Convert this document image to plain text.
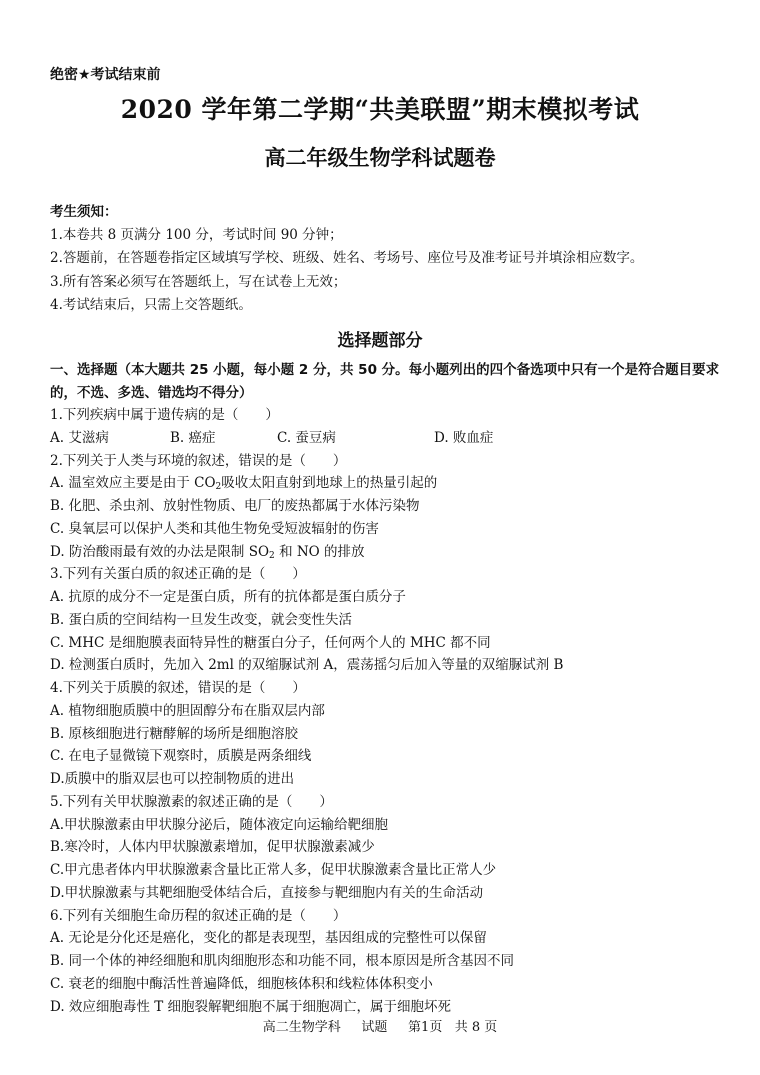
绝密★考试结束前
2020 学年第二学期“共美联盟”期末模拟考试
高二年级生物学科试题卷
考生须知：
1.本卷共 8 页满分 100 分，考试时间 90 分钟；
2.答题前，在答题卷指定区域填写学校、班级、姓名、考场号、座位号及准考证号并填涂相应数字。
3.所有答案必须写在答题纸上，写在试卷上无效；
4.考试结束后，只需上交答题纸。
选择题部分
一、选择题（本大题共 25 小题，每小题 2 分，共 50 分。每小题列出的四个备选项中只有一个是符合题目要求的，不选、多选、错选均不得分）
1.下列疾病中属于遗传病的是（　　）
A. 艾滋病	B. 癌症	C. 蚕豆病	D. 败血症
2.下列关于人类与环境的叙述，错误的是（　　）
A. 温室效应主要是由于 $CO_2$吸收太阳直射到地球上的热量引起的
B. 化肥、杀虫剂、放射性物质、电厂的废热都属于水体污染物
C. 臭氧层可以保护人类和其他生物免受短波辐射的伤害
D. 防治酸雨最有效的办法是限制 $SO_2$ 和 NO 的排放
3.下列有关蛋白质的叙述正确的是（　　）
A. 抗原的成分不一定是蛋白质，所有的抗体都是蛋白质分子
B. 蛋白质的空间结构一旦发生改变，就会变性失活
C. MHC 是细胞膜表面特异性的糖蛋白分子，任何两个人的 MHC 都不同
D. 检测蛋白质时，先加入 2ml 的双缩脲试剂 A，震荡摇匀后加入等量的双缩脲试剂 B
4.下列关于质膜的叙述，错误的是（　　）
A. 植物细胞质膜中的胆固醇分布在脂双层内部
B. 原核细胞进行糖酵解的场所是细胞溶胶
C. 在电子显微镜下观察时，质膜是两条细线
D.质膜中的脂双层也可以控制物质的进出
5.下列有关甲状腺激素的叙述正确的是（　　）
A.甲状腺激素由甲状腺分泌后，随体液定向运输给靶细胞
B.寒冷时，人体内甲状腺激素增加，促甲状腺激素减少
C.甲亢患者体内甲状腺激素含量比正常人多，促甲状腺激素含量比正常人少
D.甲状腺激素与其靶细胞受体结合后，直接参与靶细胞内有关的生命活动
6.下列有关细胞生命历程的叙述正确的是（　　）
A. 无论是分化还是癌化，变化的都是表现型，基因组成的完整性可以保留
B. 同一个体的神经细胞和肌肉细胞形态和功能不同，根本原因是所含基因不同
C. 衰老的细胞中酶活性普遍降低，细胞核体积和线粒体体积变小
D. 效应细胞毒性 T 细胞裂解靶细胞不属于细胞凋亡，属于细胞坏死
高二生物学科     试题     第1页   共 8 页
